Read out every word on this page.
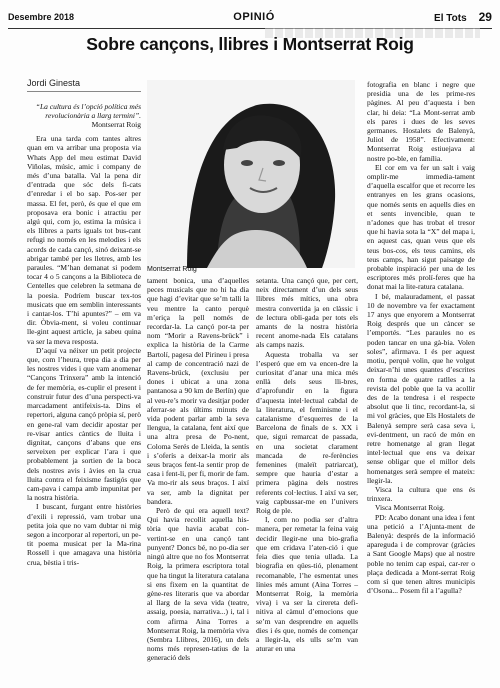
Desembre 2018	OPINIÓ	El Tots 29
Sobre cançons, llibres i Montserrat Roig
Jordi Ginesta
“La cultura és l’opció política més revolucionària a llarg termini”.
Montserrat Roig

Era una tarda com tantes altres quan em va arribar una proposta via Whats App del meu estimat David Viñolas, músic, amic i company de més d’una batalla. Val la pena dir d’entrada que sóc dels fi-cats d’enredar i el bo sap. Pos-ser per massa. El fet, però, és que el que em proposava era bonic i atractiu per algú qui, com jo, estima la música i els llibres a parts iguals tot bus-cant refugi no només en les melodies i els acords de cada cançó, sinó deixant-se abrigar també per les lletres, amb les paraules. “M’han demanat si podem tocar 4 o 5 cançons a la Biblioteca de Centelles que celebren la setmana de la poesia. Podríem buscar tex-tos musicats que em semblin interessants i cantar-los. T’hi apuntes?” – em va dir. Òbvia-ment, si voleu continuar lle-gint aquest article, ja sabeu quina va ser la meva resposta.

D’aquí va néixer un petit projecte que, com l’heura, trepa dia a dia per les nostres vides i que vam anomenar “Cançons Trinxera” amb la intenció de fer memòria, es-cuplir el present i construir futur des d’una perspecti-va marcadament antifeixis-ta. Dins el repertori, alguna cançó pròpia sí, però en gene-ral vam decidir apostar per re-visar antics càntics de lluita i dignitat, cançons d’abans que ens serveixen per explicar l’ara i que probablement ja sortien de la boca dels nostres avis i àvies en la crua lluita contra el feixisme fastigós que cam-pava i campa amb impunitat per la nostra història.

I buscant, furgant entre històries d’exili i repressió, vam trobar una petita joia que no vam dubtar ni mig segon a incorporar al repertori, un pe-tit poema musicat per la Ma-rina Rossell i que amagava una història crua, bèstia i tris-

Montserrat Roig

tament bonica, una d’aquelles peces musicals que no hi ha dia que hagi d’evitar que se’m talli la veu mentre la canto perquè m’eriça la pell només de recordar-la. La cançó por-ta per nom “Morir a Ravens-brück” i explica la història de la Carme Bartolí, pagesa del Pirineu i presa al camp de concentració nazi de Ravens-brück, (exclusiu per dones i ubicat a una zona pantanosa a 90 km de Berlín) que al veu-re’s morir va desitjar poder aferrar-se als últims minuts de vida podent parlar amb la seva llengua, la catalana, fent així que una altra presa de Po-nent, Coloma Serés de Lleida, la sentís i s’oferís a deixar-la morir als seus braços fent-la sentir prop de casa i fent-li, per fi, morir de fam. Va mo-rir als seus braços. I així va ser, amb la dignitat per bandera.

Però de qui era aquell text? Qui havia recollit aquella his-tòria que havia acabat con-vertint-se en una cançó tant punyent? Doncs bé, no po-dia ser ningú altre que no fos Montserrat Roig, la primera escriptora total que ha tingut la literatura catalana si ens fixem en la quantitat de gène-res literaris que va abordar al llarg de la seva vida (teatre, assaig, poesia, narrativa...) i, tal i com afirma Aina Torres a Montserrat Roig, la memòria viva (Sembra Llibres, 2016), un dels noms més represen-tatius de la generació dels

setanta. Una cançó que, per cert, neix directament d’un dels seus llibres més mítics, una obra mestra convertida ja en clàssic i de lectura obli-gada per tots els amants de la nostra història recent anome-nada Els catalans als camps nazis.

Aquesta troballa va ser l’esperó que em va encen-dre la curiositat d’anar una mica més enllà dels seus lli-bres, d’aprofundir en la figura d’aquesta intel·lectual cabdal de la literatura, el feminisme i el catalanisme d’esquerres de la Barcelona de finals de s. XX i que, sigui remarcat de passada, en una societat clarament mancada de re-ferències femenines (maleït patriarcat), sempre que hauria d’estar a primera pàgina dels nostres referents col·lectius. I així va ser, vaig capbussar-me en l’univers Roig de ple.

I, com no podia ser d’altra manera, per remetar la feina vaig decidir llegir-ne una bio-grafia que em cridava l’aten-ció i que feia dies que tenia ullada. La biografia en qües-tió, plenament recomanable, l’he esmentat unes línies més amunt (Aina Torres – Montserrat Roig, la memòria viva) i va ser la cirereta defi-nitiva al càmul d’emocions que se’m van desprendre en aquells dies i és que, només de començar a llegir-la, els ulls se’m van aturar en una

fotografia en blanc i negre que presidia una de les prime-res pàgines. Al peu d’aquesta i ben clar, hi deia: “La Mont-serrat amb els pares i dues de les seves germanes. Hostalets de Balenyà, Juliol de 1958”. Efectivament: Montserrat Roig estiuejava al nostre po-ble, en família.

El cor em va fer un salt i vaig omplir-me immedia-tament d’aquella escalfor que et recorre les entranyes en les grans ocasions, que només sents en aquells dies en et sents invencible, quan te n’adones que has trobat el tresor que hi havia sota la “X” del mapa i, en aquest cas, quan veus que els teus bos-cos, els teus camins, els teus camps, han sigut paisatge de probable inspiració per una de les escriptores més prolí-feres que ha donat mai la lite-ratura catalana.

I bé, malauradament, el passat 10 de novembre va fer exactament 17 anys que enyorem a Montserrat Roig després que un càncer se l’emportés. “Les paraules no es poden tancar en una gà-bia. Volen soles”, afirmava. I és per aquest motiu, perquè volin, que he volgut deixar-n’hi unes quantes d’escrites en forma de quatre ratlles a la revista del poble que la va acollir des de la tendresa i el respecte absolut que li tinc, recordant-la, si mi vol gràcies, que Els Hostalets de Balenyà sempre serà casa seva i, evi-dentment, un racó de món en retre homenatge al gran llegat intel·lectual que ens va deixar sense obligar que el millor dels homenatges serà sempre el mateix: llegir-la.

Visca la cultura que ens és trinxera.

Visca Montserrat Roig.

PD: Acabo donant una idea i fent una petició a l’Ajunta-ment de Balenyà: després de la informació apareguda i de comprovar (gràcies a Sant Google Maps) que al nostre poble no tenim cap espai, car-rer o plaça dedicada a Mont-serrat Roig com sí que tenen altres municipis d’Osona... Posem fil a l’agulla?
